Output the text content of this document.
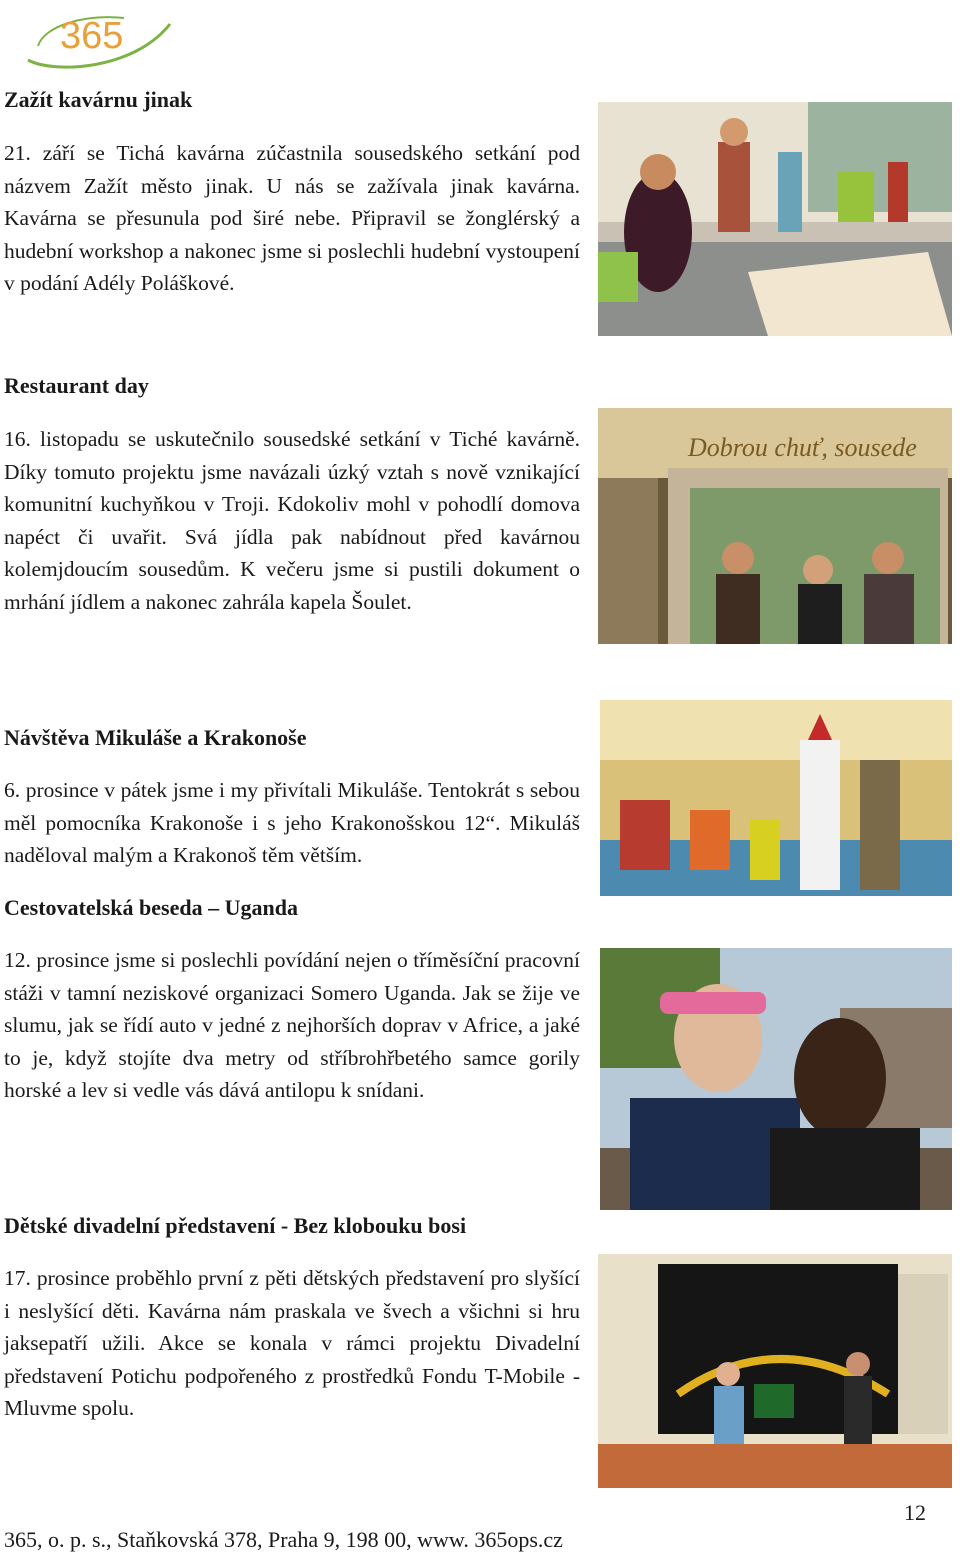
365
Zažít kavárnu jinak

21. září se Tichá kavárna zúčastnila sousedského setkání pod názvem Zažít město jinak. U nás se zažívala jinak kavárna. Kavárna se přesunula pod širé nebe. Připravil se žonglérský a hudební workshop a nakonec jsme si poslechli hudební vystoupení v podání Adély Poláškové.

Restaurant day

16. listopadu se uskutečnilo sousedské setkání v Tiché kavárně. Díky tomuto projektu jsme navázali úzký vztah s nově vznikající komunitní kuchyňkou v Troji. Kdokoliv mohl v pohodlí domova napéct či uvařit. Svá jídla pak nabídnout před kavárnou kolemjdoucím sousedům. K večeru jsme si pustili dokument o mrhání jídlem a nakonec zahrála kapela Šoulet.

Dobrou chuť, sousede
Návštěva Mikuláše a Krakonoše

6. prosince v pátek jsme i my přivítali Mikuláše. Tentokrát s sebou měl pomocníka Krakonoše i s jeho Krakonošskou 12“. Mikuláš naděloval malým a Krakonoš těm větším.

Cestovatelská beseda – Uganda

12. prosince jsme si poslechli povídání nejen o tříměsíční pracovní stáži v tamní neziskové organizaci Somero Uganda. Jak se žije ve slumu, jak se řídí auto v jedné z nejhorších doprav v Africe, a jaké to je, když stojíte dva metry od stříbrohřbetého samce gorily horské a lev si vedle vás dává antilopu k snídani.

Dětské divadelní představení - Bez klobouku bosi

17. prosince proběhlo první z pěti dětských představení pro slyšící i neslyšící děti. Kavárna nám praskala ve švech a všichni si hru jaksepatří užili. Akce se konala v rámci projektu Divadelní představení Potichu podpořeného z prostředků Fondu T-Mobile - Mluvme spolu.

12
365, o. p. s., Staňkovská 378, Praha 9, 198 00, www. 365ops.cz
